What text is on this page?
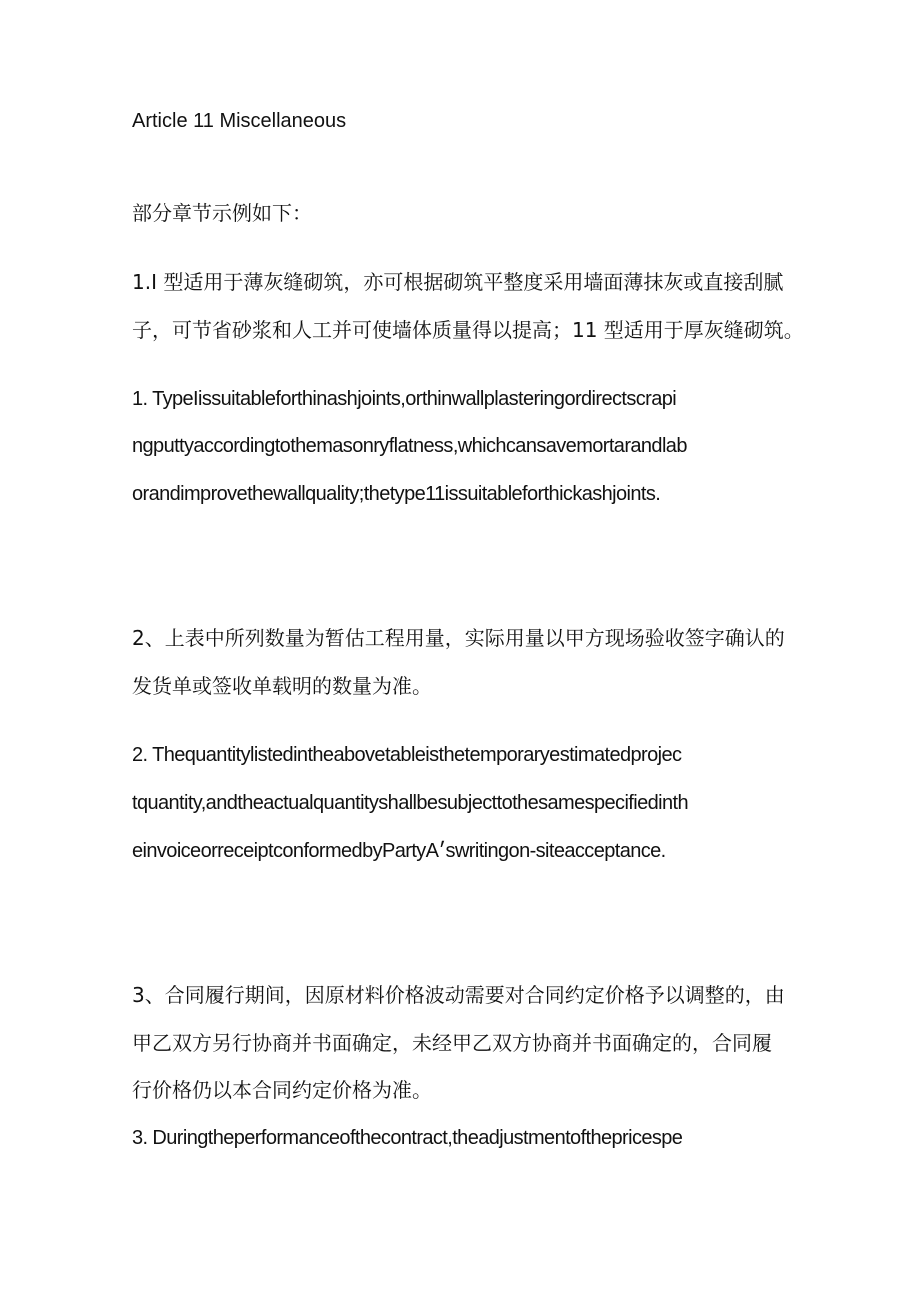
Article 11 Miscellaneous
部分章节示例如下：
1.I 型适用于薄灰缝砌筑，亦可根据砌筑平整度采用墙面薄抹灰或直接刮腻
子，可节省砂浆和人工并可使墙体质量得以提高；11 型适用于厚灰缝砌筑。
1. TypeIissuitableforthinashjoints,orthinwallplasteringordirectscrapi
ngputtyaccordingtothemasonryflatness,whichcansavemortarandlab
orandimprovethewallquality;thetype11issuitableforthickashjoints.
2、上表中所列数量为暂估工程用量，实际用量以甲方现场验收签字确认的
发货单或签收单载明的数量为准。
2. Thequantitylistedintheabovetableisthetemporaryestimatedprojec
tquantity,andtheactualquantityshallbesubjecttothesamespecifiedinth
einvoiceorreceiptconformedbyPartyA׳swritingon-siteacceptance.
3、合同履行期间，因原材料价格波动需要对合同约定价格予以调整的，由
甲乙双方另行协商并书面确定，未经甲乙双方协商并书面确定的，合同履
行价格仍以本合同约定价格为准。
3. Duringtheperformanceofthecontract,theadjustmentofthepricespe
